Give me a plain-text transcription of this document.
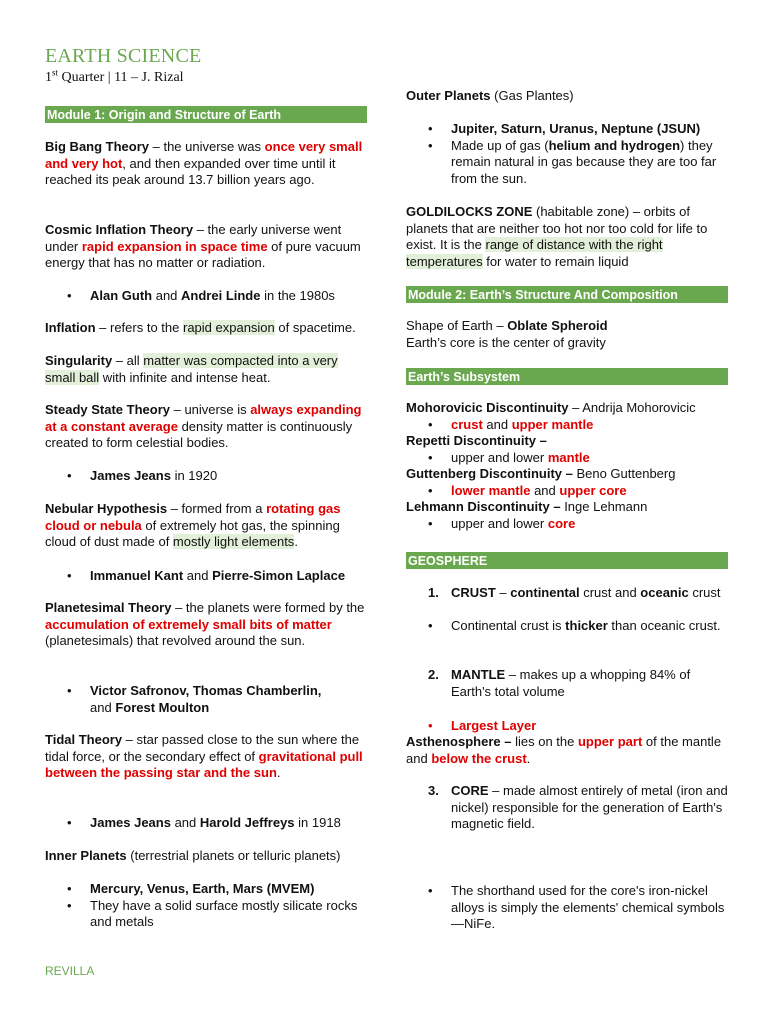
EARTH SCIENCE
1st Quarter | 11 – J. Rizal
Module 1: Origin and Structure of Earth

Big Bang Theory – the universe was once very small and very hot, and then expanded over time until it reached its peak around 13.7 billion years ago.

Cosmic Inflation Theory – the early universe went under rapid expansion in space time of pure vacuum energy that has no matter or radiation.

• Alan Guth and Andrei Linde in the 1980s

Inflation – refers to the rapid expansion of spacetime.

Singularity – all matter was compacted into a very small ball with infinite and intense heat.

Steady State Theory – universe is always expanding at a constant average density matter is continuously created to form celestial bodies.

• James Jeans in 1920

Nebular Hypothesis – formed from a rotating gas cloud or nebula of extremely hot gas, the spinning cloud of dust made of mostly light elements.

• Immanuel Kant and Pierre-Simon Laplace

Planetesimal Theory – the planets were formed by the accumulation of extremely small bits of matter (planetesimals) that revolved around the sun.

• Victor Safronov, Thomas Chamberlin,
and Forest Moulton

Tidal Theory – star passed close to the sun where the tidal force, or the secondary effect of gravitational pull between the passing star and the sun.

• James Jeans and Harold Jeffreys in 1918

Inner Planets (terrestrial planets or telluric planets)

• Mercury, Venus, Earth, Mars (MVEM)
• They have a solid surface mostly silicate rocks and metals

Outer Planets (Gas Plantes)

• Jupiter, Saturn, Uranus, Neptune (JSUN)
• Made up of gas (helium and hydrogen) they remain natural in gas because they are too far from the sun.

GOLDILOCKS ZONE (habitable zone) – orbits of planets that are neither too hot nor too cold for life to exist. It is the range of distance with the right temperatures for water to remain liquid

Module 2: Earth’s Structure And Composition

Shape of Earth – Oblate Spheroid

Earth’s core is the center of gravity

Earth’s Subsystem

Mohorovicic Discontinuity – Andrija Mohorovicic

• crust and upper mantle

Repetti Discontinuity –

• upper and lower mantle

Guttenberg Discontinuity – Beno Guttenberg

• lower mantle and upper core

Lehmann Discontinuity – Inge Lehmann

• upper and lower core

GEOSPHERE
1. CRUST – continental crust and oceanic crust

• Continental crust is thicker than oceanic crust.

2. MANTLE – makes up a whopping 84% of Earth's total volume

• Largest Layer

Asthenosphere – lies on the upper part of the mantle and below the crust.

3. CORE – made almost entirely of metal (iron and nickel) responsible for the generation of Earth's magnetic field.

• The shorthand used for the core's iron-nickel alloys is simply the elements' chemical symbols—NiFe.

REVILLA
